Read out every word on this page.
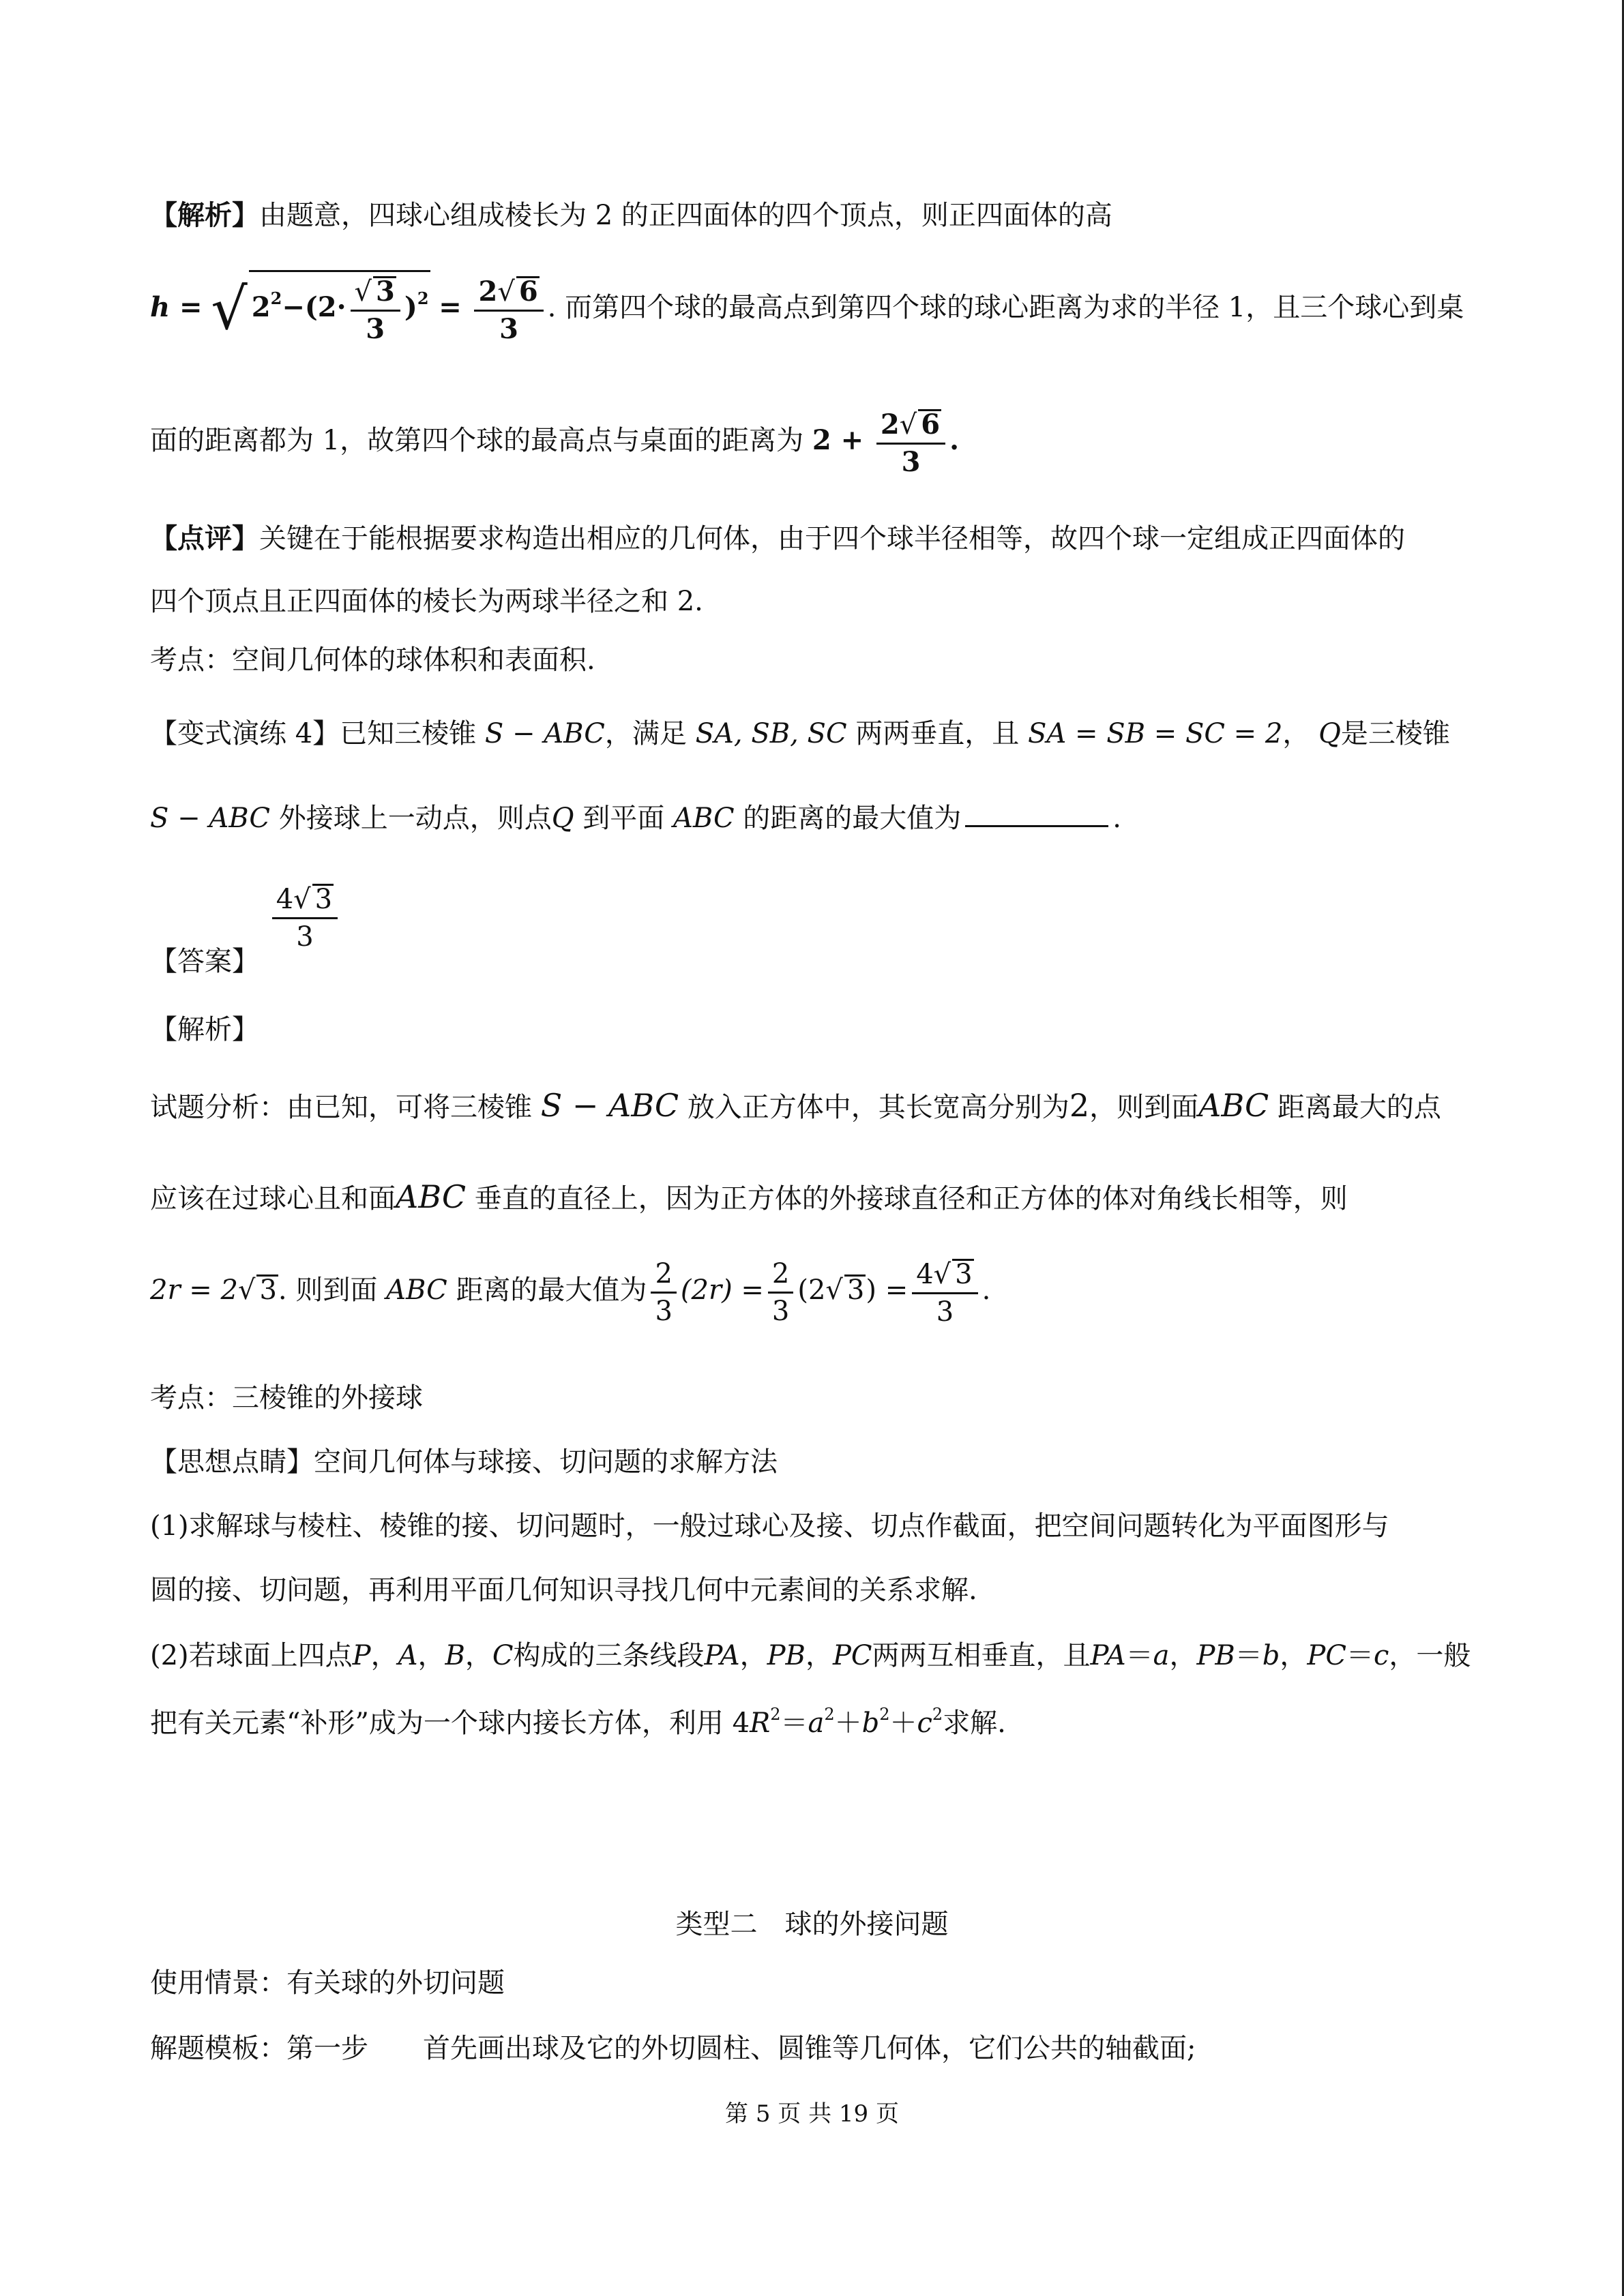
【解析】由题意，四球心组成棱长为 2 的正四面体的四个顶点，则正四面体的高
h = √ $2^2-(2\cdot \frac{√ 3}{3} )^2 = \frac{2√ 6}{3}$ . 而第四个球的最高点到第四个球的球心距离为求的半径 1，且三个球心到桌
面的距离都为 1，故第四个球的最高点与桌面的距离为 $2 + \frac{2√ 6}{3}$ .
【点评】关键在于能根据要求构造出相应的几何体，由于四个球半径相等，故四个球一定组成正四面体的
四个顶点且正四面体的棱长为两球半径之和 2.
考点：空间几何体的球体积和表面积.
【变式演练 4】已知三棱锥 S − ABC，满足 SA, SB, SC 两两垂直，且 SA = SB = SC = 2， Q是三棱锥
S − ABC 外接球上一动点，则点Q 到平面 ABC 的距离的最大值为	.

$\frac{4√ 3}{3}$
【答案】
【解析】
试题分析：由已知，可将三棱锥 S − ABC 放入正方体中，其长宽高分别为2，则到面ABC 距离最大的点
应该在过球心且和面ABC 垂直的直径上，因为正方体的外接球直径和正方体的体对角线长相等，则
2r = 2√ 3. 则到面 ABC 距离的最大值为 $\frac{2}{3} (2r) = \frac{2}{3} (2√$ $3) = \frac{4√ 3}{3}$ .
考点：三棱锥的外接球
【思想点睛】空间几何体与球接、切问题的求解方法
(1)求解球与棱柱、棱锥的接、切问题时，一般过球心及接、切点作截面，把空间问题转化为平面图形与
圆的接、切问题，再利用平面几何知识寻找几何中元素间的关系求解.
(2)若球面上四点P，A，B，C构成的三条线段PA，PB，PC两两互相垂直，且PA＝a，PB＝b，PC＝c，一般
把有关元素“补形”成为一个球内接长方体，利用 $4R^2=a^2+b^2+c^2$求解.
类型二　球的外接问题
使用情景：有关球的外切问题
解题模板：第一步　　首先画出球及它的外切圆柱、圆锥等几何体，它们公共的轴截面;
第 5 页 共 19 页
